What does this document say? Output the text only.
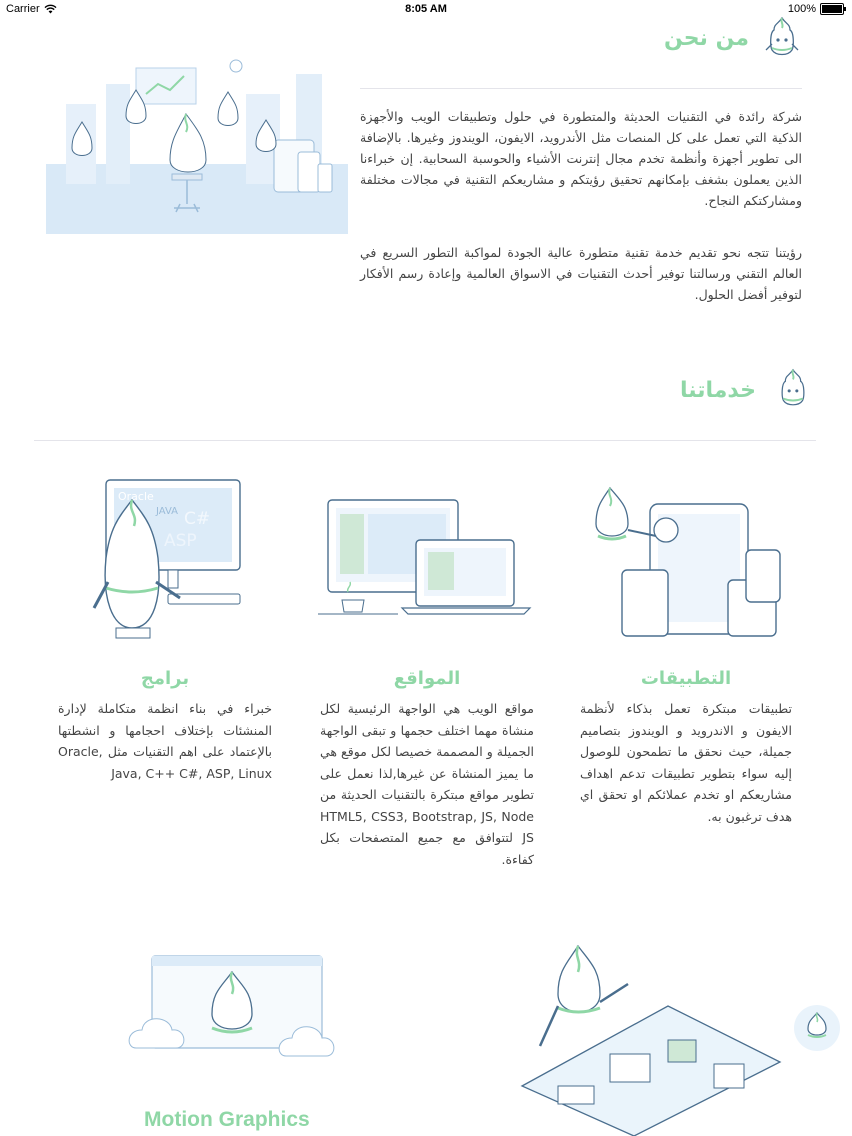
Carrier	8:05 AM	100%
من نحن
شركة رائدة في التقنيات الحديثة والمتطورة في حلول وتطبيقات الويب والأجهزة الذكية التي تعمل على كل المنصات مثل الأندرويد، الايفون، الويندوز وغيرها. بالإضافة الى تطوير أجهزة وأنظمة تخدم مجال إنترنت الأشياء والحوسبة السحابية. إن خبراءنا الذين يعملون بشغف بإمكانهم تحقيق رؤيتكم و مشاريعكم التقنية في مجالات مختلفة ومشاركتكم النجاح.
رؤيتنا تتجه نحو تقديم خدمة تقنية متطورة عالية الجودة لمواكبة التطور السريع في العالم التقني ورسالتنا توفير أحدث التقنيات في الاسواق العالمية وإعادة رسم الأفكار لتوفير أفضل الحلول.
خدماتنا
Oracle
JAVA C#
ASP
التطبيقات
تطبيقات مبتكرة تعمل بذكاء لأنظمة الايفون و الاندرويد و الويندوز بتصاميم جميلة، حيث نحقق ما تطمحون للوصول إليه سواء بتطوير تطبيقات تدعم اهداف مشاريعكم او تخدم عملائكم او تحقق اي هدف ترغبون به.
المواقع
مواقع الويب هي الواجهة الرئيسية لكل منشاة مهما اختلف حجمها و تبقى الواجهة الجميلة و المصممة خصيصا لكل موقع هي ما يميز المنشاة عن غيرها,لذا نعمل على تطوير مواقع مبتكرة بالتقنيات الحديثة من HTML5, CSS3, Bootstrap, JS, Node JS لتتوافق مع جميع المتصفحات بكل كفاءة.
برامج
خبراء في بناء انظمة متكاملة لإدارة المنشئات بإختلاف احجامها و انشطتها بالإعتماد على اهم التقنيات مثل Oracle, Java, C++ C#, ASP, Linux
Motion Graphics
